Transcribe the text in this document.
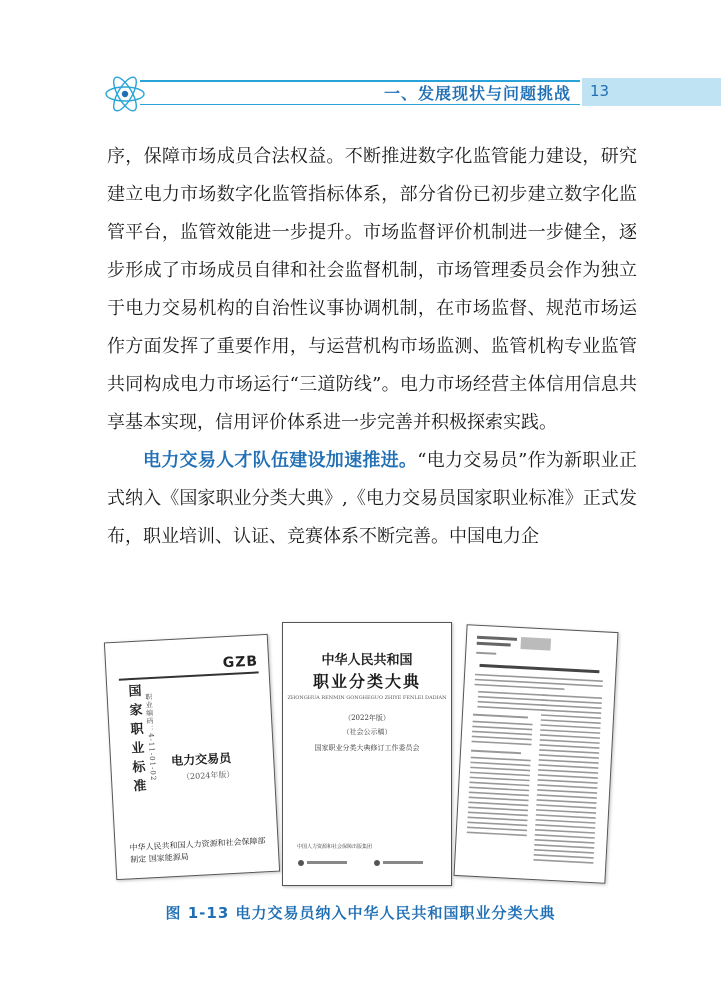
一、发展现状与问题挑战 13

序，保障市场成员合法权益。不断推进数字化监管能力建设，研究建立电力市场数字化监管指标体系，部分省份已初步建立数字化监管平台，监管效能进一步提升。市场监督评价机制进一步健全，逐步形成了市场成员自律和社会监督机制，市场管理委员会作为独立于电力交易机构的自治性议事协调机制，在市场监督、规范市场运作方面发挥了重要作用，与运营机构市场监测、监管机构专业监管共同构成电力市场运行“三道防线”。电力市场经营主体信用信息共享基本实现，信用评价体系进一步完善并积极探索实践。

电力交易人才队伍建设加速推进。“电力交易员”作为新职业正式纳入《国家职业分类大典》,《电力交易员国家职业标准》正式发布，职业培训、认证、竞赛体系不断完善。中国电力企

GZB
国家职业标准
职业编码：4-11-01-02 电力交易员
（2024年版）
中华人民共和国人力资源和社会保障部 制定 国家能源局
中华人民共和国
职业分类大典
ZHONGHUA RENMIN GONGHEGUO ZHIYE FENLEI DADIAN
（2022年版）
（社会公示稿）
国家职业分类大典修订工作委员会
中国人力资源和社会保障出版集团
图 1-13 电力交易员纳入中华人民共和国职业分类大典
